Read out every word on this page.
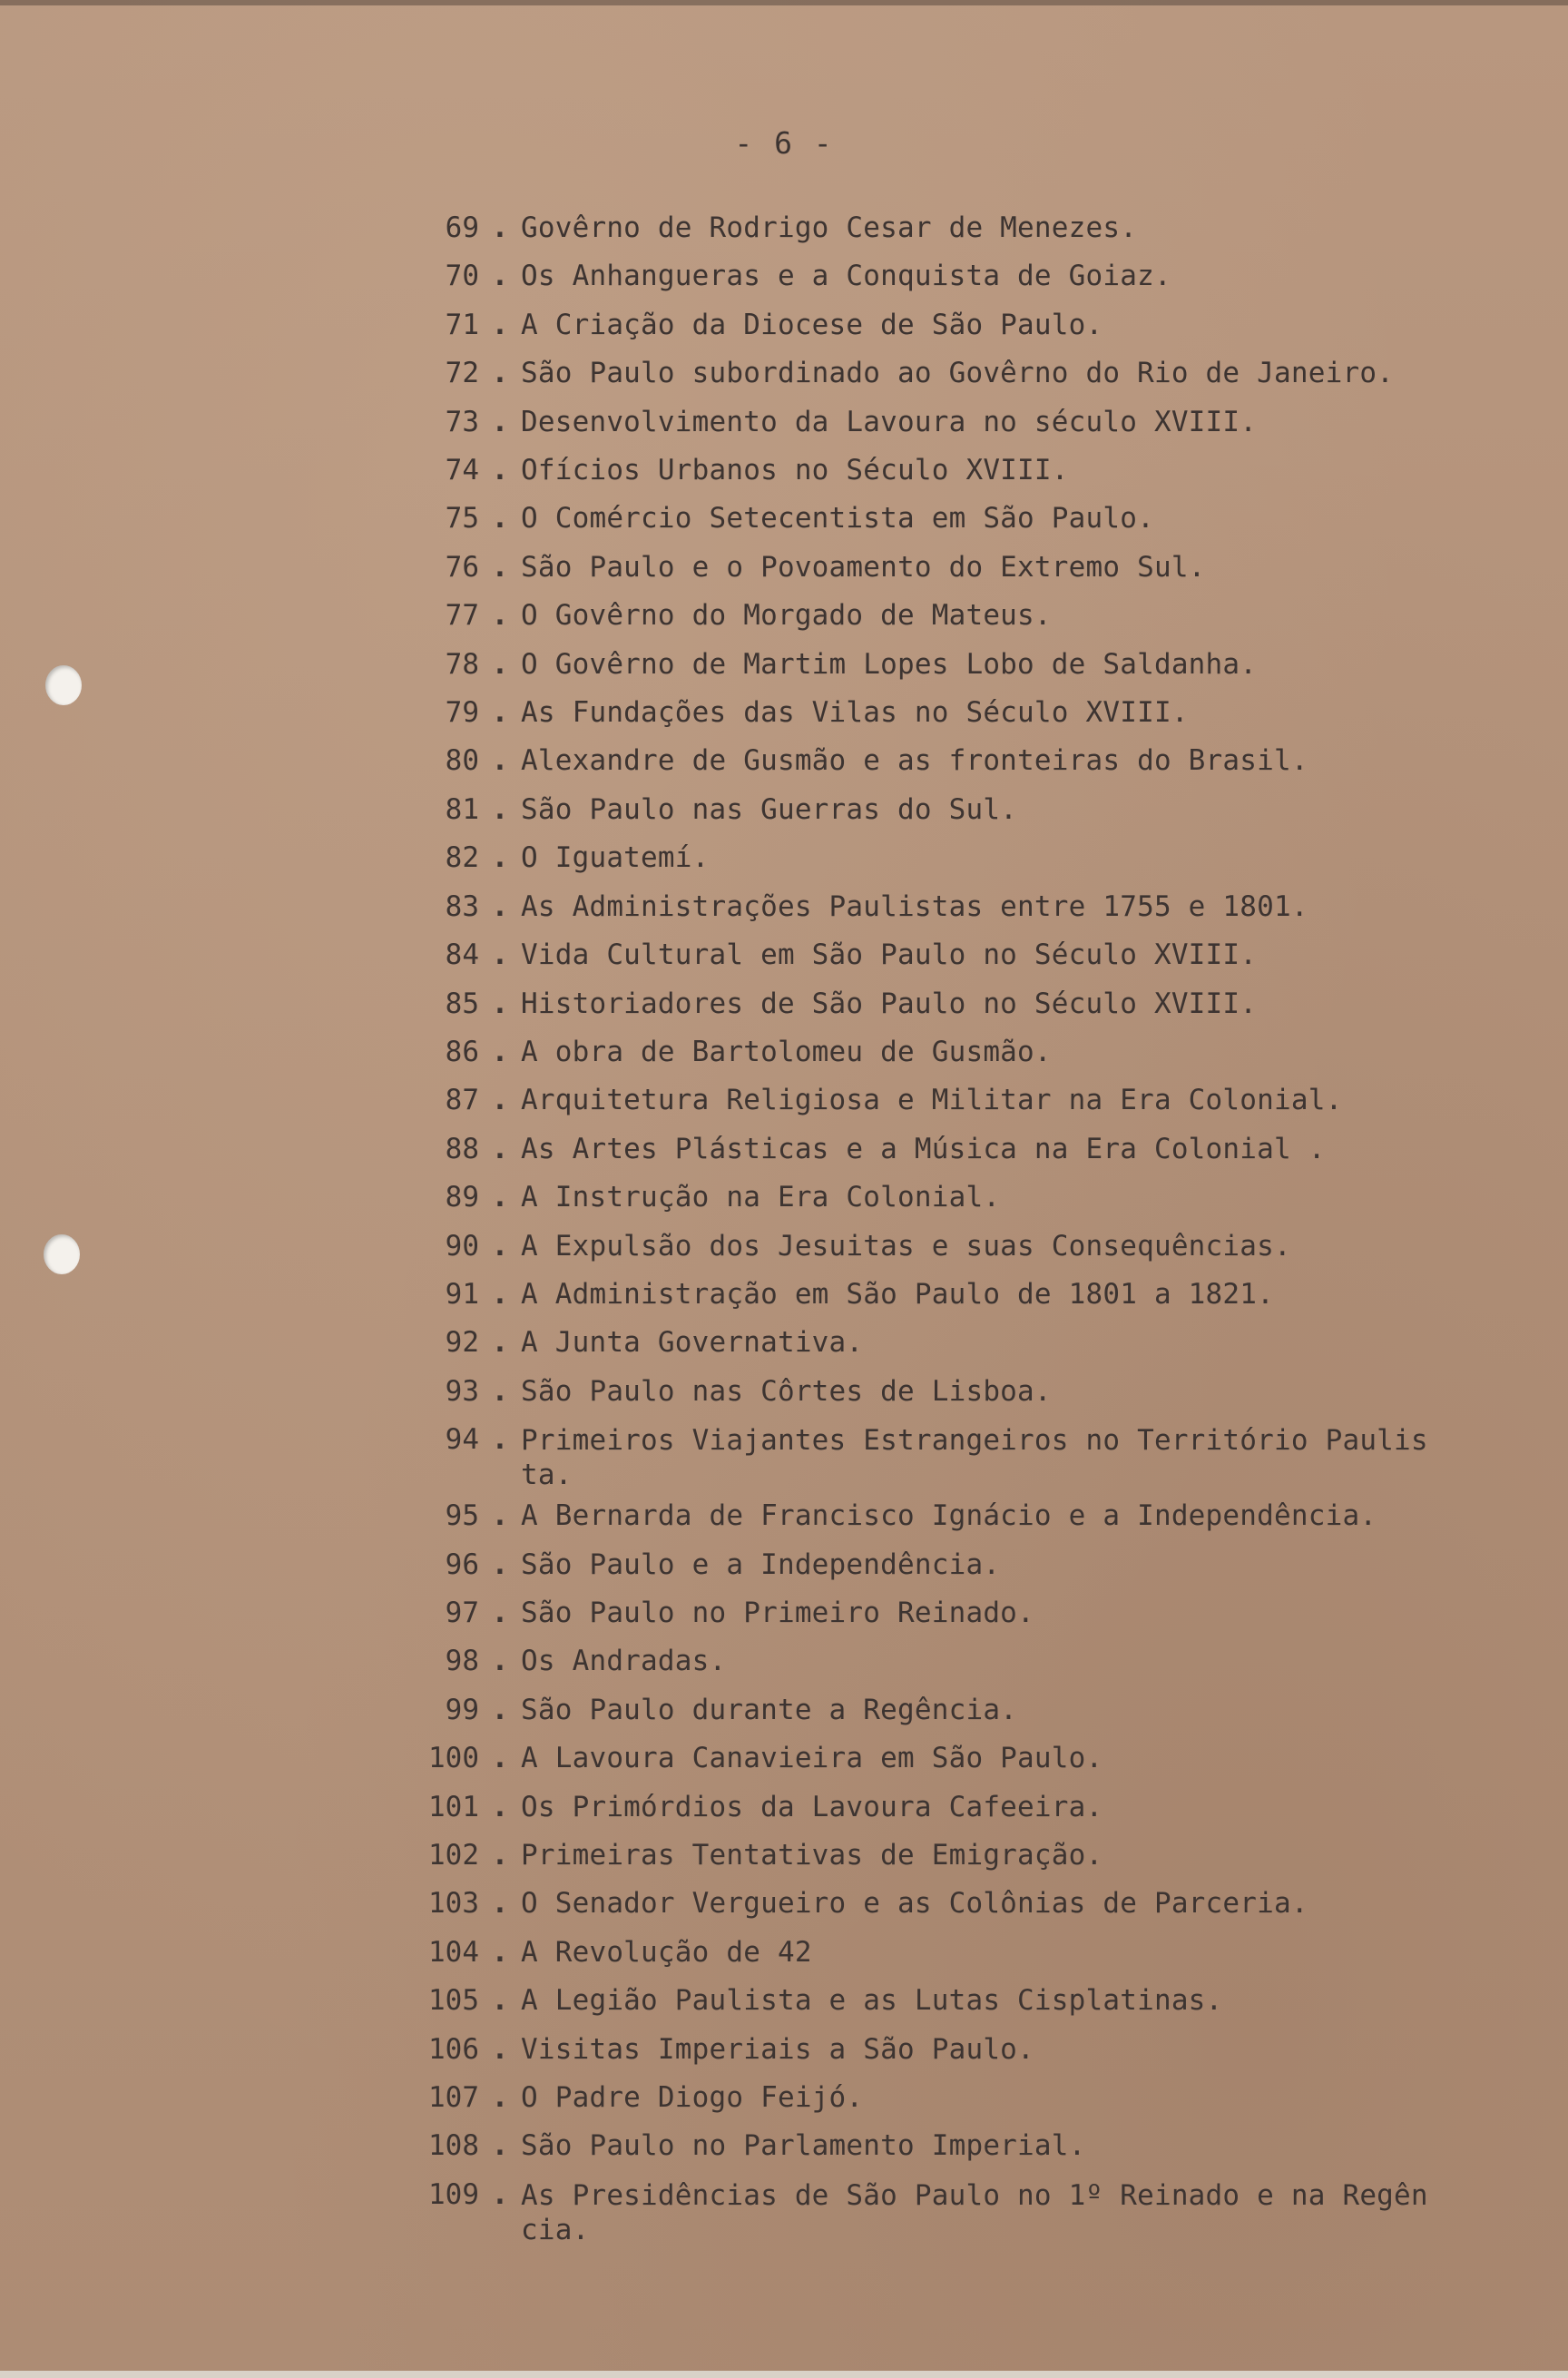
- 6 -
69 . Govêrno de Rodrigo Cesar de Menezes.
70 . Os Anhangueras e a Conquista de Goiaz.
71 . A Criação da Diocese de São Paulo.
72 . São Paulo subordinado ao Govêrno do Rio de Janeiro.
73 . Desenvolvimento da Lavoura no século XVIII.
74 . Ofícios Urbanos no Século XVIII.
75 . O Comércio Setecentista em São Paulo.
76 . São Paulo e o Povoamento do Extremo Sul.
77 . O Govêrno do Morgado de Mateus.
78 . O Govêrno de Martim Lopes Lobo de Saldanha.
79 . As Fundações das Vilas no Século XVIII.
80 . Alexandre de Gusmão e as fronteiras do Brasil.
81 . São Paulo nas Guerras do Sul.
82 . O Iguatemí.
83 . As Administrações Paulistas entre 1755 e 1801.
84 . Vida Cultural em São Paulo no Século XVIII.
85 . Historiadores de São Paulo no Século XVIII.
86 . A obra de Bartolomeu de Gusmão.
87 . Arquitetura Religiosa e Militar na Era Colonial.
88 . As Artes Plásticas e a Música na Era Colonial .
89 . A Instrução na Era Colonial.
90 . A Expulsão dos Jesuitas e suas Consequências.
91 . A Administração em São Paulo de 1801 a 1821.
92 . A Junta Governativa.
93 . São Paulo nas Côrtes de Lisboa.
94 . Primeiros Viajantes Estrangeiros no Território Paulis
ta.
95 . A Bernarda de Francisco Ignácio e a Independência.
96 . São Paulo e a Independência.
97 . São Paulo no Primeiro Reinado.
98 . Os Andradas.
99 . São Paulo durante a Regência.
100 . A Lavoura Canavieira em São Paulo.
101 . Os Primórdios da Lavoura Cafeeira.
102 . Primeiras Tentativas de Emigração.
103 . O Senador Vergueiro e as Colônias de Parceria.
104 . A Revolução de 42
105 . A Legião Paulista e as Lutas Cisplatinas.
106 . Visitas Imperiais a São Paulo.
107 . O Padre Diogo Feijó.
108 . São Paulo no Parlamento Imperial.
109 . As Presidências de São Paulo no 1º Reinado e na Regên
cia.
